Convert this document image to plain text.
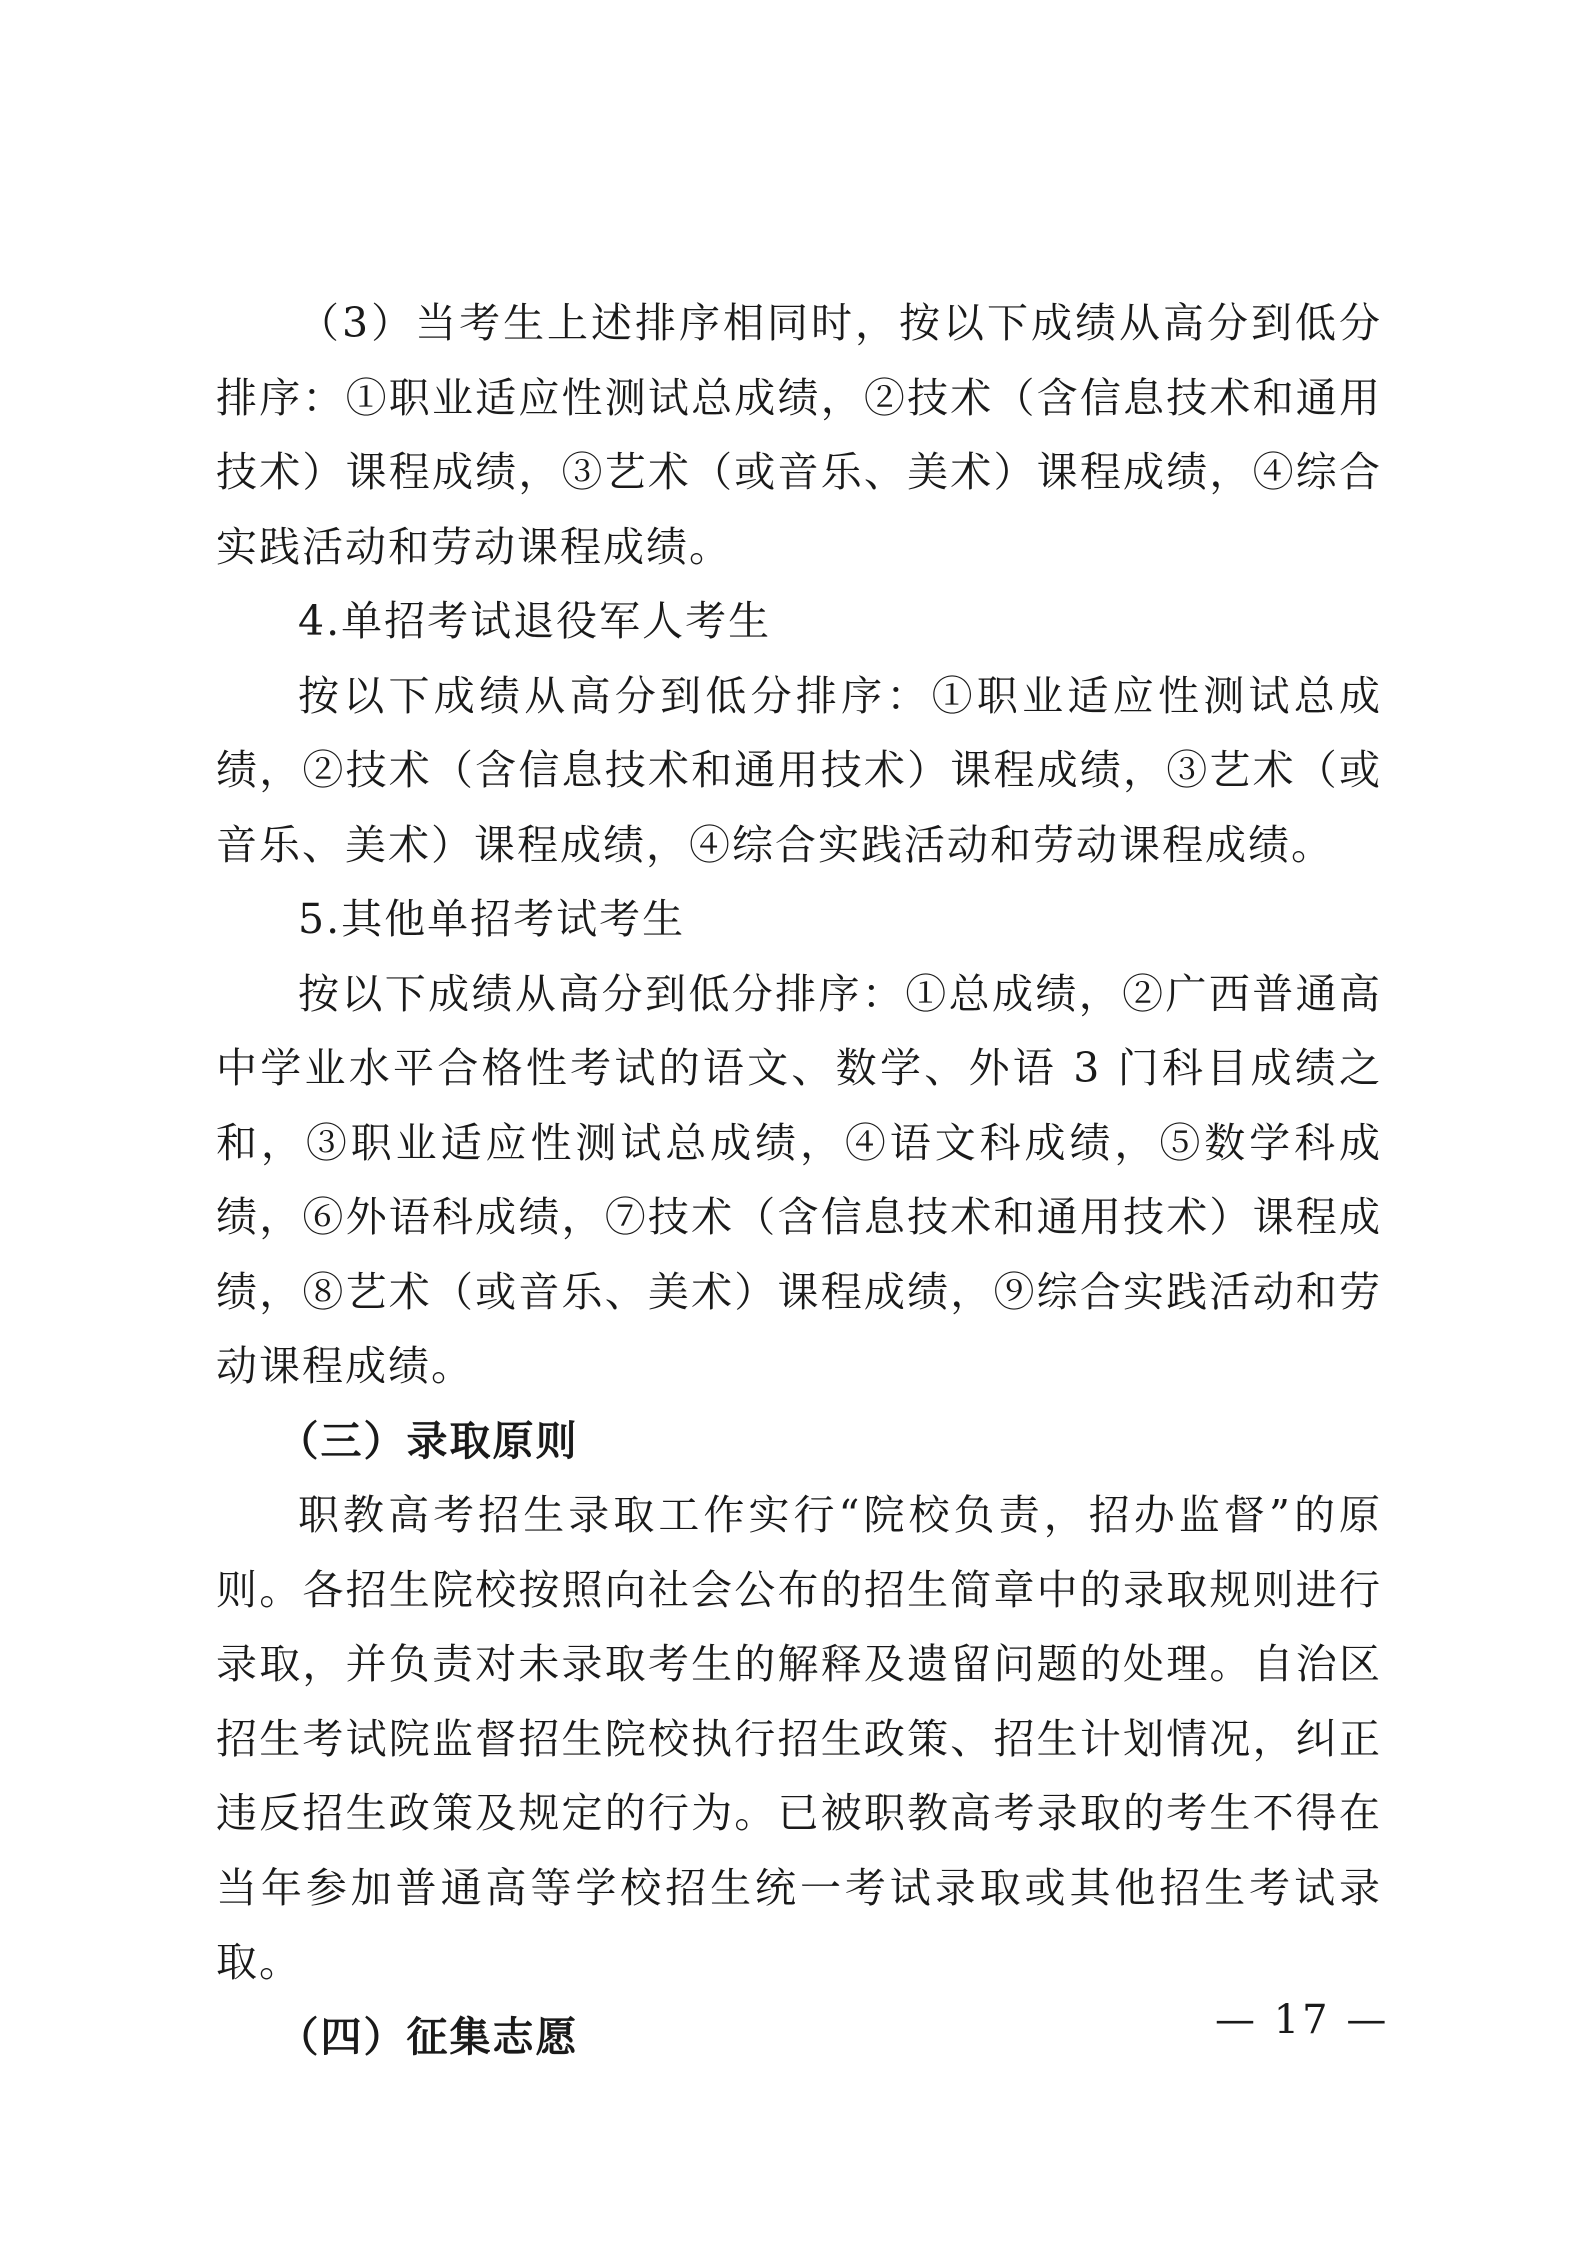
（3）当考生上述排序相同时，按以下成绩从高分到低分排序：①职业适应性测试总成绩，②技术（含信息技术和通用技术）课程成绩，③艺术（或音乐、美术）课程成绩，④综合实践活动和劳动课程成绩。

4.单招考试退役军人考生

按以下成绩从高分到低分排序：①职业适应性测试总成绩，②技术（含信息技术和通用技术）课程成绩，③艺术（或音乐、美术）课程成绩，④综合实践活动和劳动课程成绩。

5.其他单招考试考生

按以下成绩从高分到低分排序：①总成绩，②广西普通高中学业水平合格性考试的语文、数学、外语 3 门科目成绩之和，③职业适应性测试总成绩，④语文科成绩，⑤数学科成绩，⑥外语科成绩，⑦技术（含信息技术和通用技术）课程成绩，⑧艺术（或音乐、美术）课程成绩，⑨综合实践活动和劳动课程成绩。

（三）录取原则

职教高考招生录取工作实行“院校负责，招办监督”的原则。各招生院校按照向社会公布的招生简章中的录取规则进行录取，并负责对未录取考生的解释及遗留问题的处理。自治区招生考试院监督招生院校执行招生政策、招生计划情况，纠正违反招生政策及规定的行为。已被职教高考录取的考生不得在当年参加普通高等学校招生统一考试录取或其他招生考试录取。

（四）征集志愿	— 17 —
